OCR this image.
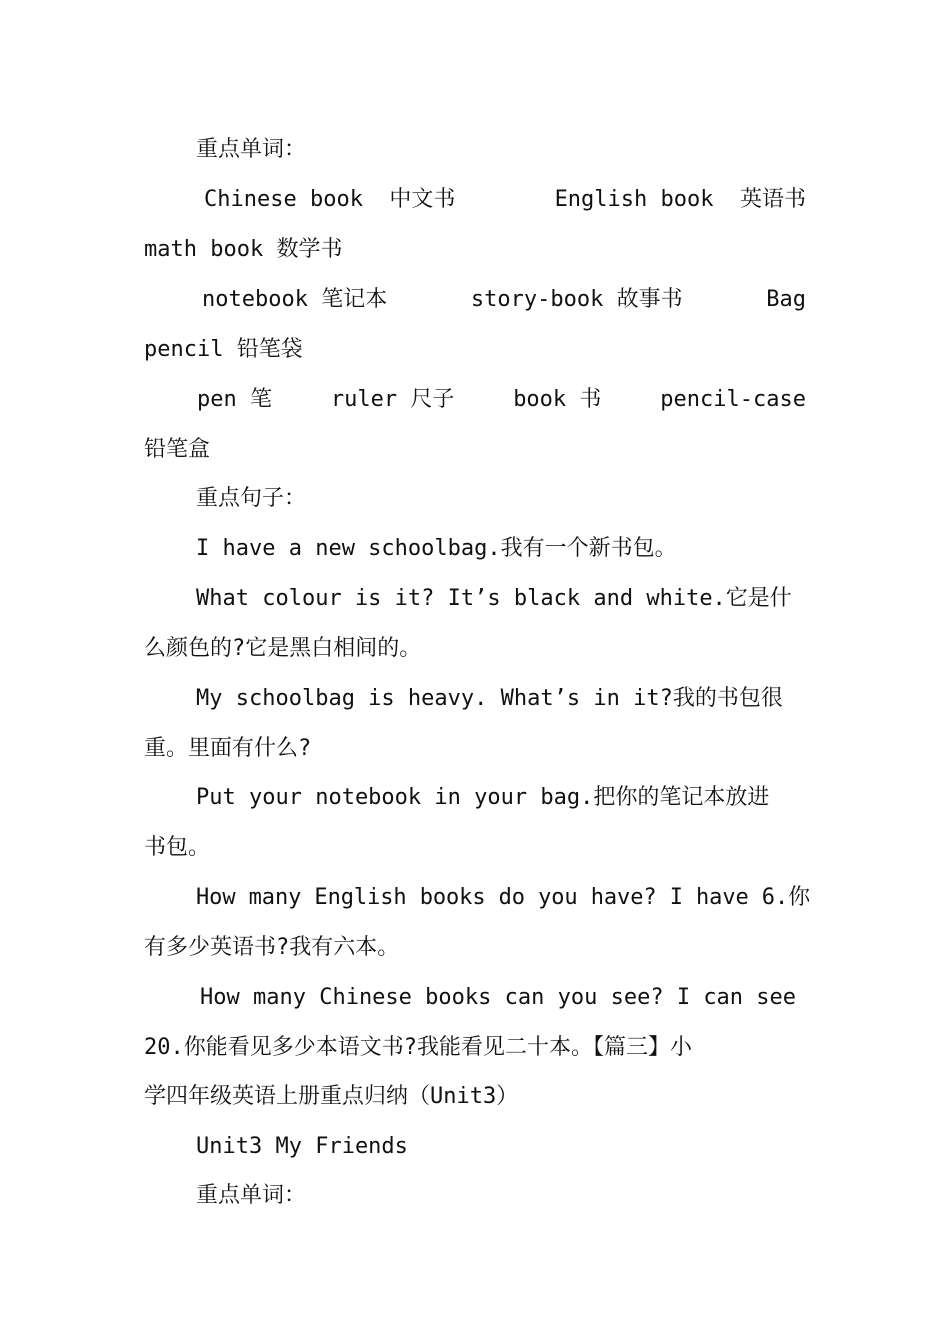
重点单词：
Chinese book  中文书	English book  英语书
math book 数学书
notebook 笔记本	story-book 故事书	Bag
pencil 铅笔袋
pen 笔	ruler 尺子	book 书	pencil-case
铅笔盒
重点句子：
I have a new schoolbag.我有一个新书包。
What colour is it? It’s black and white.它是什
么颜色的?它是黑白相间的。
My schoolbag is heavy. What’s in it?我的书包很
重。里面有什么?
Put your notebook in your bag.把你的笔记本放进
书包。
How many English books do you have? I have 6.你
有多少英语书?我有六本。
How many Chinese books can you see? I can see
20.你能看见多少本语文书?我能看见二十本。【篇三】小
学四年级英语上册重点归纳（Unit3）
Unit3 My Friends
重点单词：
